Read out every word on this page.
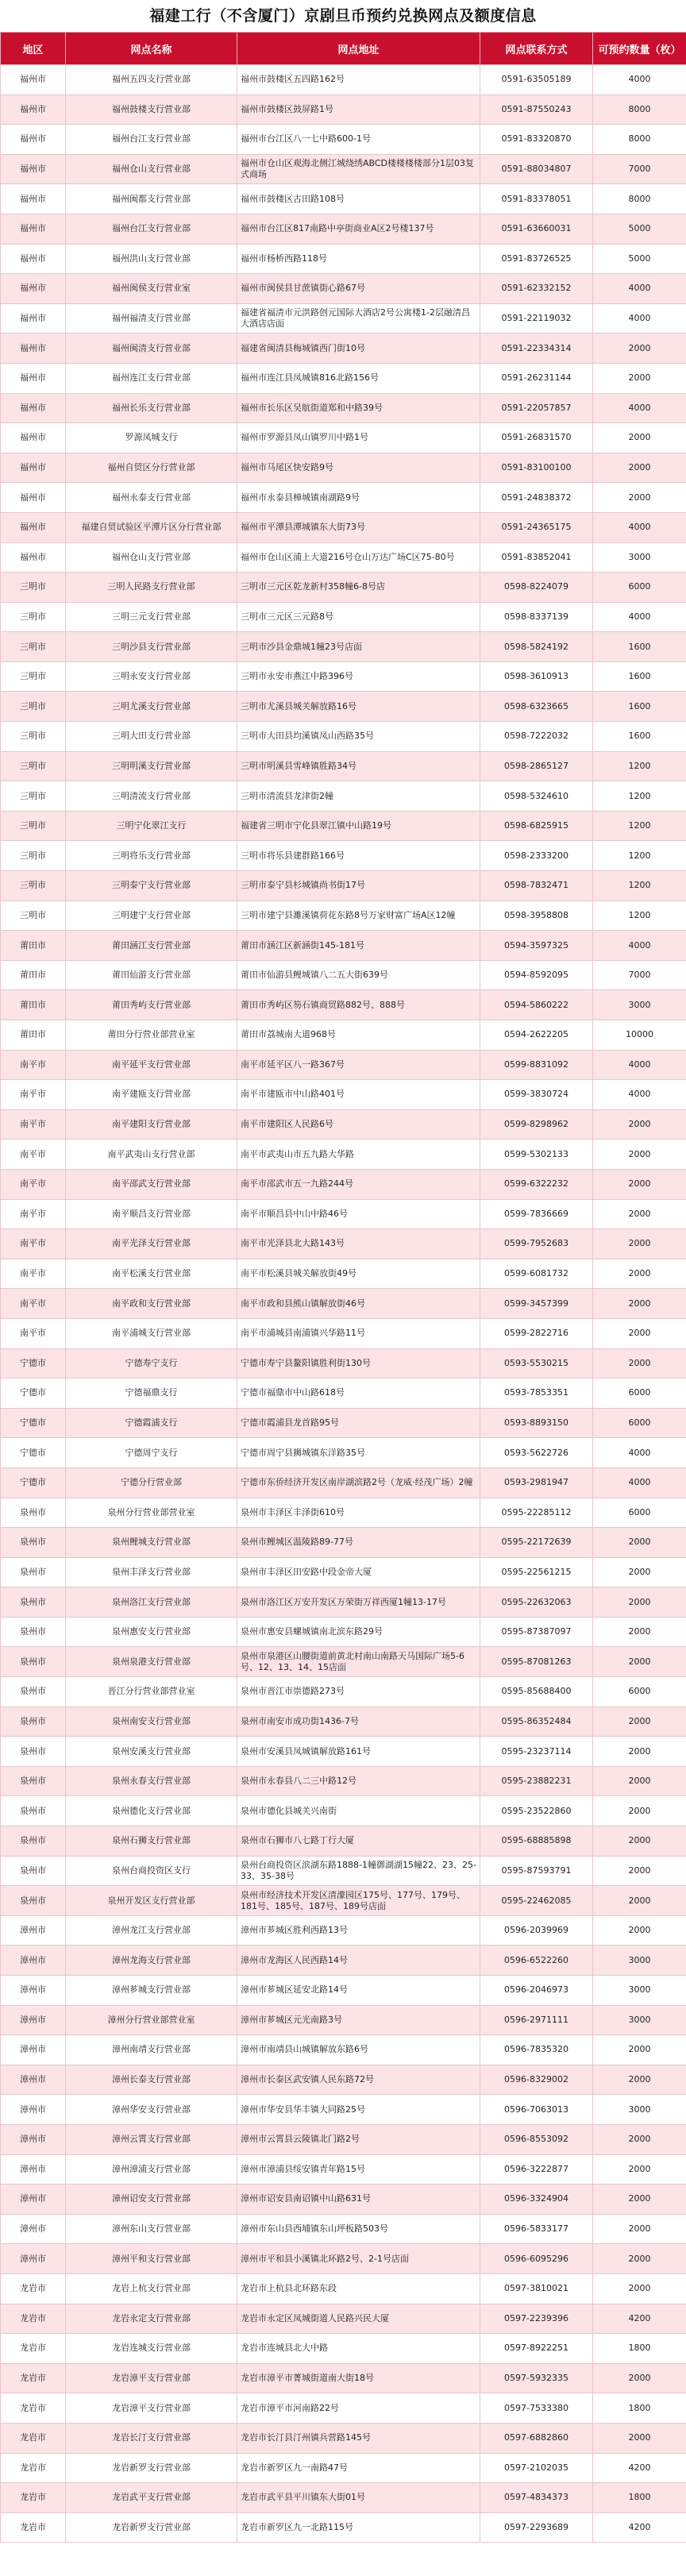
福建工行（不含厦门）京剧旦币预约兑换网点及额度信息
地区	网点名称	网点地址	网点联系方式	可预约数量（枚）
福州市	福州五四支行营业部	福州市鼓楼区五四路162号	0591-63505189	4000
福州市	福州鼓楼支行营业部	福州市鼓楼区鼓屏路1号	0591-87550243	8000
福州市	福州台江支行营业部	福州市台江区八一七中路600-1号	0591-83320870	8000
福州市	福州仓山支行营业部	福州市仓山区观海北侧江城绕绣ABCD楼楼楼楼部分1层03复式商场	0591-88034807	7000
福州市	福州闽都支行营业部	福州市鼓楼区古田路108号	0591-83378051	8000
福州市	福州台江支行营业部	福州市台江区817南路中亭街商业A区2号楼137号	0591-63660031	5000
福州市	福州洪山支行营业部	福州市杨桥西路118号	0591-83726525	5000
福州市	福州闽侯支行营业室	福州市闽侯县甘蔗镇街心路67号	0591-62332152	4000
福州市	福州福清支行营业部	福建省福清市元洪路创元国际大酒店2号公寓楼1-2层融清昌大酒店店面	0591-22119032	4000
福州市	福州闽清支行营业部	福建省闽清县梅城镇西门街10号	0591-22334314	2000
福州市	福州连江支行营业部	福州市连江县凤城镇816北路156号	0591-26231144	2000
福州市	福州长乐支行营业部	福州市长乐区吴航街道郑和中路39号	0591-22057857	4000
福州市	罗源凤城支行	福州市罗源县凤山镇罗川中路1号	0591-26831570	2000
福州市	福州自贸区分行营业部	福州市马尾区快安路9号	0591-83100100	2000
福州市	福州永泰支行营业部	福州市永泰县樟城镇南湖路9号	0591-24838372	2000
福州市	福建自贸试验区平潭片区分行营业部	福州市平潭县潭城镇东大街73号	0591-24365175	4000
福州市	福州仓山支行营业部	福州市仓山区浦上大道216号仓山万达广场C区75-80号	0591-83852041	3000
三明市	三明人民路支行营业部	三明市三元区乾龙新村358幢6-8号店	0598-8224079	6000
三明市	三明三元支行营业部	三明市三元区三元路8号	0598-8337139	4000
三明市	三明沙县支行营业部	三明市沙县金鼎城1幢23号店面	0598-5824192	1600
三明市	三明永安支行营业部	三明市永安市燕江中路396号	0598-3610913	1600
三明市	三明尤溪支行营业部	三明市尤溪县城关解放路16号	0598-6323665	1600
三明市	三明大田支行营业部	三明市大田县均溪镇凤山西路35号	0598-7222032	1600
三明市	三明明溪支行营业部	三明市明溪县雪峰镇胜路34号	0598-2865127	1200
三明市	三明清流支行营业部	三明市清流县龙津街2幢	0598-5324610	1200
三明市	三明宁化翠江支行	福建省三明市宁化县翠江镇中山路19号	0598-6825915	1200
三明市	三明将乐支行营业部	三明市将乐县建群路166号	0598-2333200	1200
三明市	三明泰宁支行营业部	三明市泰宁县杉城镇尚书街17号	0598-7832471	1200
三明市	三明建宁支行营业部	三明市建宁县濉溪镇荷花东路8号万家财富广场A区12幢	0598-3958808	1200
莆田市	莆田涵江支行营业部	莆田市涵江区新涵街145-181号	0594-3597325	4000
莆田市	莆田仙游支行营业部	莆田市仙游县鲤城镇八二五大街639号	0594-8592095	7000
莆田市	莆田秀屿支行营业部	莆田市秀屿区笏石镇商贸路882号、888号	0594-5860222	3000
莆田市	莆田分行营业部营业室	莆田市荔城南大道968号	0594-2622205	10000
南平市	南平延平支行营业部	南平市延平区八一路367号	0599-8831092	4000
南平市	南平建瓯支行营业部	南平市建瓯市中山路401号	0599-3830724	4000
南平市	南平建阳支行营业部	南平市建阳区人民路6号	0599-8298962	2000
南平市	南平武夷山支行营业部	南平市武夷山市五九路大华路	0599-5302133	2000
南平市	南平邵武支行营业部	南平市邵武市五一九路244号	0599-6322232	2000
南平市	南平顺昌支行营业部	南平市顺昌县中山中路46号	0599-7836669	2000
南平市	南平光泽支行营业部	南平市光泽县北大路143号	0599-7952683	2000
南平市	南平松溪支行营业部	南平市松溪县城关解放街49号	0599-6081732	2000
南平市	南平政和支行营业部	南平市政和县熊山镇解放街46号	0599-3457399	2000
南平市	南平浦城支行营业部	南平市浦城县南浦镇兴华路11号	0599-2822716	2000
宁德市	宁德寿宁支行	宁德市寿宁县鳌阳镇胜利街130号	0593-5530215	2000
宁德市	宁德福鼎支行	宁德市福鼎市中山路618号	0593-7853351	6000
宁德市	宁德霞浦支行	宁德市霞浦县龙首路95号	0593-8893150	6000
宁德市	宁德周宁支行	宁德市周宁县狮城镇东洋路35号	0593-5622726	4000
宁德市	宁德分行营业部	宁德市东侨经济开发区南岸湖滨路2号（龙威·经茂广场）2幢	0593-2981947	4000
泉州市	泉州分行营业部营业室	泉州市丰泽区丰泽街610号	0595-22285112	6000
泉州市	泉州鲤城支行营业部	泉州市鲤城区温陵路89-77号	0595-22172639	2000
泉州市	泉州丰泽支行营业部	泉州市丰泽区田安路中段金帝大厦	0595-22561215	2000
泉州市	泉州洛江支行营业部	泉州市洛江区万安开发区万荣街万祥西厦1幢13-17号	0595-22632063	2000
泉州市	泉州惠安支行营业部	泉州市惠安县螺城镇南北滨东路29号	0595-87387097	2000
泉州市	泉州泉港支行营业部	泉州市泉港区山腰街道前黄北村南山南路天马国际广场5-6号、12、13、14、15店面	0595-87081263	2000
泉州市	晋江分行营业部营业室	泉州市晋江市崇德路273号	0595-85688400	6000
泉州市	泉州南安支行营业部	泉州市南安市成功街1436-7号	0595-86352484	2000
泉州市	泉州安溪支行营业部	泉州市安溪县凤城镇解放路161号	0595-23237114	2000
泉州市	泉州永春支行营业部	泉州市永春县八二三中路12号	0595-23882231	2000
泉州市	泉州德化支行营业部	泉州市德化县城关兴南街	0595-23522860	2000
泉州市	泉州石狮支行营业部	泉州市石狮市八七路丁行大厦	0595-68885898	2000
泉州市	泉州台商投资区支行	泉州台商投资区滨湖东路1888-1幢御湖湖15幢22、23、25-33、35-38号	0595-87593791	2000
泉州市	泉州开发区支行营业部	泉州市经济技术开发区清濛园区175号、177号、179号、181号、185号、187号、189号店面	0595-22462085	2000
漳州市	漳州龙江支行营业部	漳州市芗城区胜利西路13号	0596-2039969	2000
漳州市	漳州龙海支行营业部	漳州市龙海区人民西路14号	0596-6522260	3000
漳州市	漳州芗城支行营业部	漳州市芗城区延安北路14号	0596-2046973	3000
漳州市	漳州分行营业部营业室	漳州市芗城区元光南路3号	0596-2971111	3000
漳州市	漳州南靖支行营业部	漳州市南靖县山城镇解放东路6号	0596-7835320	2000
漳州市	漳州长泰支行营业部	漳州市长泰区武安镇人民东路72号	0596-8329002	2000
漳州市	漳州华安支行营业部	漳州市华安县华丰镇大同路25号	0596-7063013	3000
漳州市	漳州云霄支行营业部	漳州市云霄县云陵镇北门路2号	0596-8553092	2000
漳州市	漳州漳浦支行营业部	漳州市漳浦县绥安镇青年路15号	0596-3222877	2000
漳州市	漳州诏安支行营业部	漳州市诏安县南诏镇中山路631号	0596-3324904	2000
漳州市	漳州东山支行营业部	漳州市东山县西埔镇东山坪板路503号	0596-5833177	2000
漳州市	漳州平和支行营业部	漳州市平和县小溪镇北环路2号、2-1号店面	0596-6095296	2000
龙岩市	龙岩上杭支行营业部	龙岩市上杭县北环路东段	0597-3810021	2000
龙岩市	龙岩永定支行营业部	龙岩市永定区凤城街道人民路兴民大厦	0597-2239396	4200
龙岩市	龙岩连城支行营业部	龙岩市连城县北大中路	0597-8922251	1800
龙岩市	龙岩漳平支行营业部	龙岩市漳平市菁城街道南大街18号	0597-5932335	2000
龙岩市	龙岩漳平支行营业部	龙岩市漳平市河南路22号	0597-7533380	1800
龙岩市	龙岩长汀支行营业部	龙岩市长汀县汀州镇兵营路145号	0597-6882860	2000
龙岩市	龙岩新罗支行营业部	龙岩市新罗区九一南路47号	0597-2102035	4200
龙岩市	龙岩武平支行营业部	龙岩市武平县平川镇东大街01号	0597-4834373	1800
龙岩市	龙岩新罗支行营业部	龙岩市新罗区九一北路115号	0597-2293689	4200
